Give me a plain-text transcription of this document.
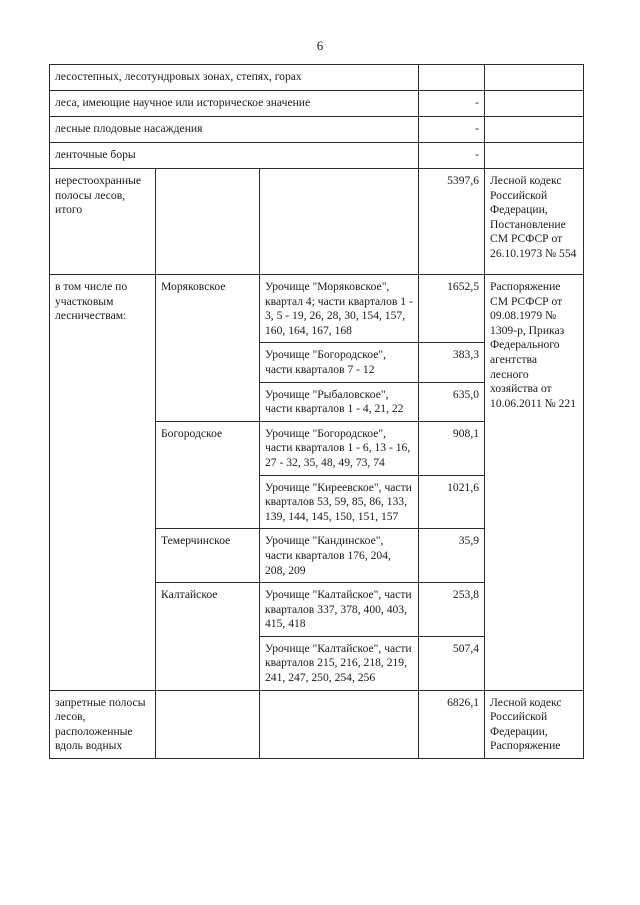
6
лесостепных, лесотундровых зонах, степях, горах				
леса, имеющие научное или историческое значение			-	
лесные плодовые насаждения			-	
ленточные боры			-	
нерестоохранные полосы лесов, итого			5397,6	Лесной кодекс Российской Федерации, Постановление СМ РСФСР от 26.10.1973 № 554
в том числе по участковым лесничествам:	Моряковское	Урочище "Моряковское", квартал 4; части кварталов 1 - 3, 5 - 19, 26, 28, 30, 154, 157, 160, 164, 167, 168	1652,5	Распоряжение СМ РСФСР от 09.08.1979 № 1309-р, Приказ Федерального агентства лесного хозяйства от 10.06.2011 № 221
		Урочище "Богородское", части кварталов 7 - 12	383,3	
		Урочище "Рыбаловское", части кварталов 1 - 4, 21, 22	635,0	
	Богородское	Урочище "Богородское", части кварталов 1 - 6, 13 - 16, 27 - 32, 35, 48, 49, 73, 74	908,1	
		Урочище "Киреевское", части кварталов 53, 59, 85, 86, 133, 139, 144, 145, 150, 151, 157	1021,6	
	Темерчинское	Урочище "Кандинское", части кварталов 176, 204, 208, 209	35,9	
	Калтайское	Урочище "Калтайское", части кварталов 337, 378, 400, 403, 415, 418	253,8	
		Урочище "Калтайское", части кварталов 215, 216, 218, 219, 241, 247, 250, 254, 256	507,4	
запретные полосы лесов, расположенные вдоль водных			6826,1	Лесной кодекс Российской Федерации, Распоряжение
